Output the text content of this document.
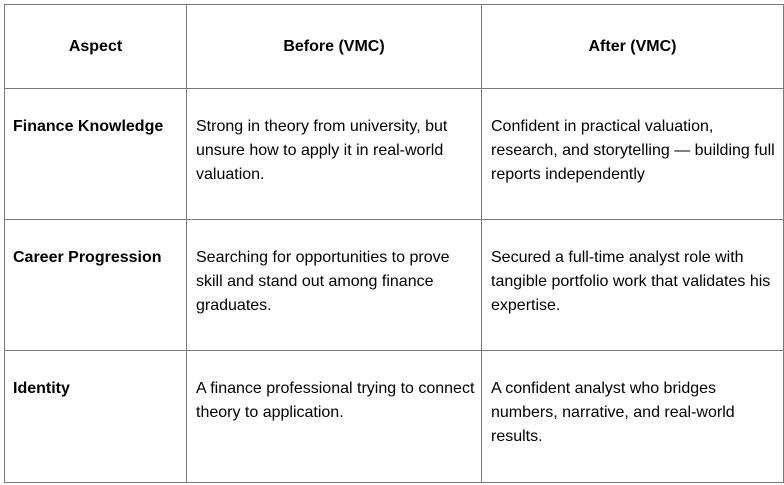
Aspect	Before (VMC)	After (VMC)
Finance Knowledge	Strong in theory from university, but unsure how to apply it in real-world valuation.	Confident in practical valuation, research, and storytelling — building full reports independently
Career Progression	Searching for opportunities to prove skill and stand out among finance graduates.	Secured a full-time analyst role with tangible portfolio work that validates his expertise.
Identity	A finance professional trying to connect theory to application.	A confident analyst who bridges numbers, narrative, and real-world results.
